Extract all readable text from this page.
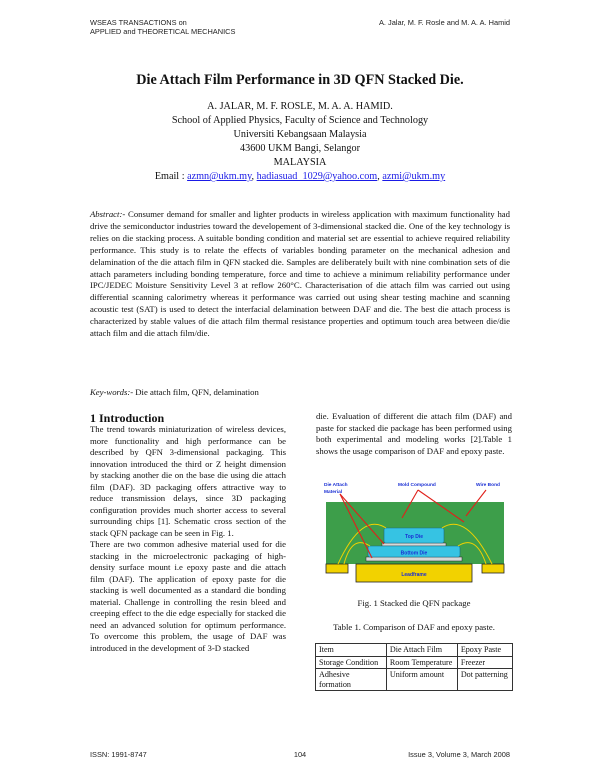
WSEAS TRANSACTIONS on
APPLIED and THEORETICAL MECHANICS
A. Jalar, M. F. Rosle and M. A. A. Hamid
Die Attach Film Performance in 3D QFN Stacked Die.
A. JALAR, M. F. ROSLE, M. A. A. HAMID.
School of Applied Physics, Faculty of Science and Technology
Universiti Kebangsaan Malaysia
43600 UKM Bangi, Selangor
MALAYSIA
Email : azmn@ukm.my, hadiasuad_1029@yahoo.com, azmi@ukm.my
Abstract:- Consumer demand for smaller and lighter products in wireless application with maximum functionality had drive the semiconductor industries toward the developement of 3-dimensional stacked die. One of the key technology is relies on die stacking process. A suitable bonding condition and material set are essential to achieve required reliability performance. This study is to relate the effects of variables bonding parameter on the mechanical adhesion and delamination of the die attach film in QFN stacked die. Samples are deliberately built with nine combination sets of die attach parameters including bonding temperature, force and time to achieve a minimum reliability performance under IPC/JEDEC Moisture Sensitivity Level 3 at reflow 260°C. Characterisation of die attach film was carried out using differential scanning calorimetry whereas it performance was carried out using shear testing machine and scanning acoustic test (SAT) is used to detect the interfacial delamination between DAF and die. The best die attach process is characterized by stable values of die attach film thermal resistance properties and optimum touch area between die/die attach film and die attach film/die.
Key-words:- Die attach film, QFN, delamination
1 Introduction

The trend towards miniaturization of wireless devices, more functionality and high performance can be described by QFN 3-dimensional packaging. This innovation introduced the third or Z height dimension by stacking another die on the base die using die attach film (DAF). 3D packaging offers attractive way to reduce transmission delays, since 3D packaging configuration provides much shorter access to several surrounding chips [1]. Schematic cross section of the stack QFN package can be seen in Fig. 1.

There are two common adhesive material used for die stacking in the microelectronic packaging of high-density surface mount i.e epoxy paste and die attach film (DAF). The application of epoxy paste for die stacking is well documented as a standard die bonding material. Challenge in controlling the resin bleed and creeping effect to the die edge especially for stacked die need an advanced solution for optimum performance. To overcome this problem, the usage of DAF was introduced in the development of 3-D stacked

die. Evaluation of different die attach film (DAF) and paste for stacked die package has been performed using both experimental and modeling works [2].Table 1 shows the usage comparison of DAF and epoxy paste.

Die Attach
Material
Mold Compound	Wire Bond
Top Die
Bottom Die
Leadframe
Fig. 1 Stacked die QFN package
Table 1. Comparison of DAF and epoxy paste.
Item	Die Attach Film	Epoxy Paste
Storage Condition	Room Temperature	Freezer
Adhesive formation	Uniform amount	Dot patterning
ISSN: 1991-8747	104	Issue 3, Volume 3, March 2008
